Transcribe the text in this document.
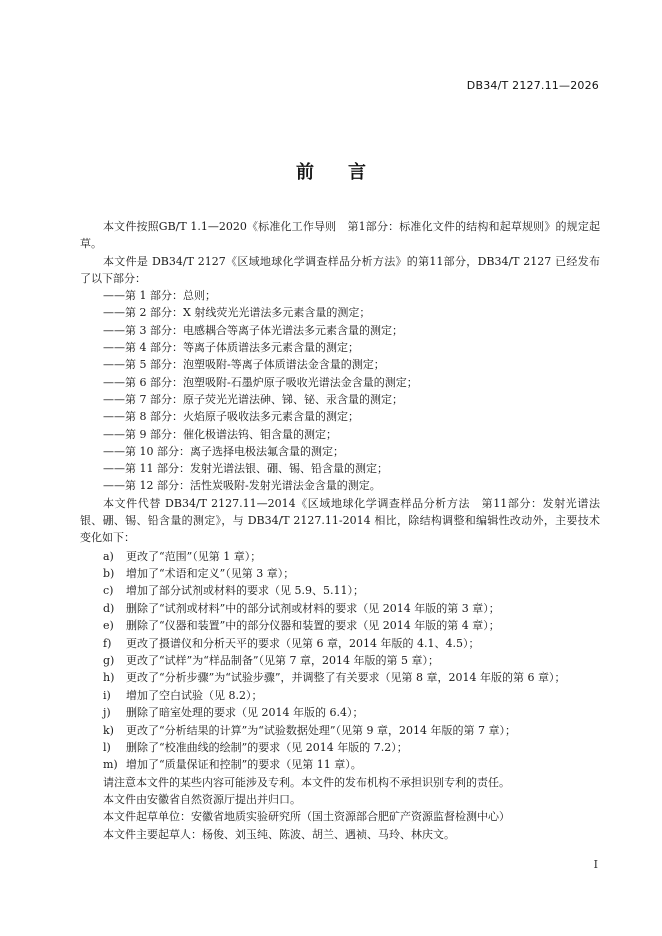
DB34/T 2127.11—2026
前言

本文件按照GB/T 1.1—2020《标准化工作导则　第1部分：标准化文件的结构和起草规则》的规定起草。

本文件是 DB34/T 2127《区域地球化学调查样品分析方法》的第11部分，DB34/T 2127 已经发布了以下部分：

——第 1 部分：总则；
——第 2 部分：X 射线荧光光谱法多元素含量的测定；
——第 3 部分：电感耦合等离子体光谱法多元素含量的测定；
——第 4 部分：等离子体质谱法多元素含量的测定；
——第 5 部分：泡塑吸附-等离子体质谱法金含量的测定；
——第 6 部分：泡塑吸附-石墨炉原子吸收光谱法金含量的测定；
——第 7 部分：原子荧光光谱法砷、锑、铋、汞含量的测定；
——第 8 部分：火焰原子吸收法多元素含量的测定；
——第 9 部分：催化极谱法钨、钼含量的测定；
——第 10 部分：离子选择电极法氟含量的测定；
——第 11 部分：发射光谱法银、硼、锡、铅含量的测定；
——第 12 部分：活性炭吸附-发射光谱法金含量的测定。

本文件代替 DB34/T 2127.11—2014《区域地球化学调查样品分析方法　第11部分：发射光谱法银、硼、锡、铅含量的测定》，与 DB34/T 2127.11-2014 相比，除结构调整和编辑性改动外，主要技术变化如下：

a)	更改了“范围”（见第 1 章）；
b)	增加了“术语和定义”（见第 3 章）；
c)	增加了部分试剂或材料的要求（见 5.9、5.11）；
d)	删除了“试剂或材料”中的部分试剂或材料的要求（见 2014 年版的第 3 章）；
e)	删除了“仪器和装置”中的部分仪器和装置的要求（见 2014 年版的第 4 章）；
f)	更改了摄谱仪和分析天平的要求（见第 6 章，2014 年版的 4.1、4.5）；
g)	更改了“试样”为“样品制备”（见第 7 章，2014 年版的第 5 章）；
h)	更改了“分析步骤”为“试验步骤”，并调整了有关要求（见第 8 章，2014 年版的第 6 章）；
i)	增加了空白试验（见 8.2）；
j)	删除了暗室处理的要求（见 2014 年版的 6.4）；
k)	更改了“分析结果的计算”为“试验数据处理”（见第 9 章，2014 年版的第 7 章）；
l)	删除了“校准曲线的绘制”的要求（见 2014 年版的 7.2）；
m) 增加了“质量保证和控制”的要求（见第 11 章）。

请注意本文件的某些内容可能涉及专利。本文件的发布机构不承担识别专利的责任。

本文件由安徽省自然资源厅提出并归口。

本文件起草单位：安徽省地质实验研究所（国土资源部合肥矿产资源监督检测中心）

本文件主要起草人：杨俊、刘玉纯、陈波、胡兰、遇祯、马玲、林庆文。

I
